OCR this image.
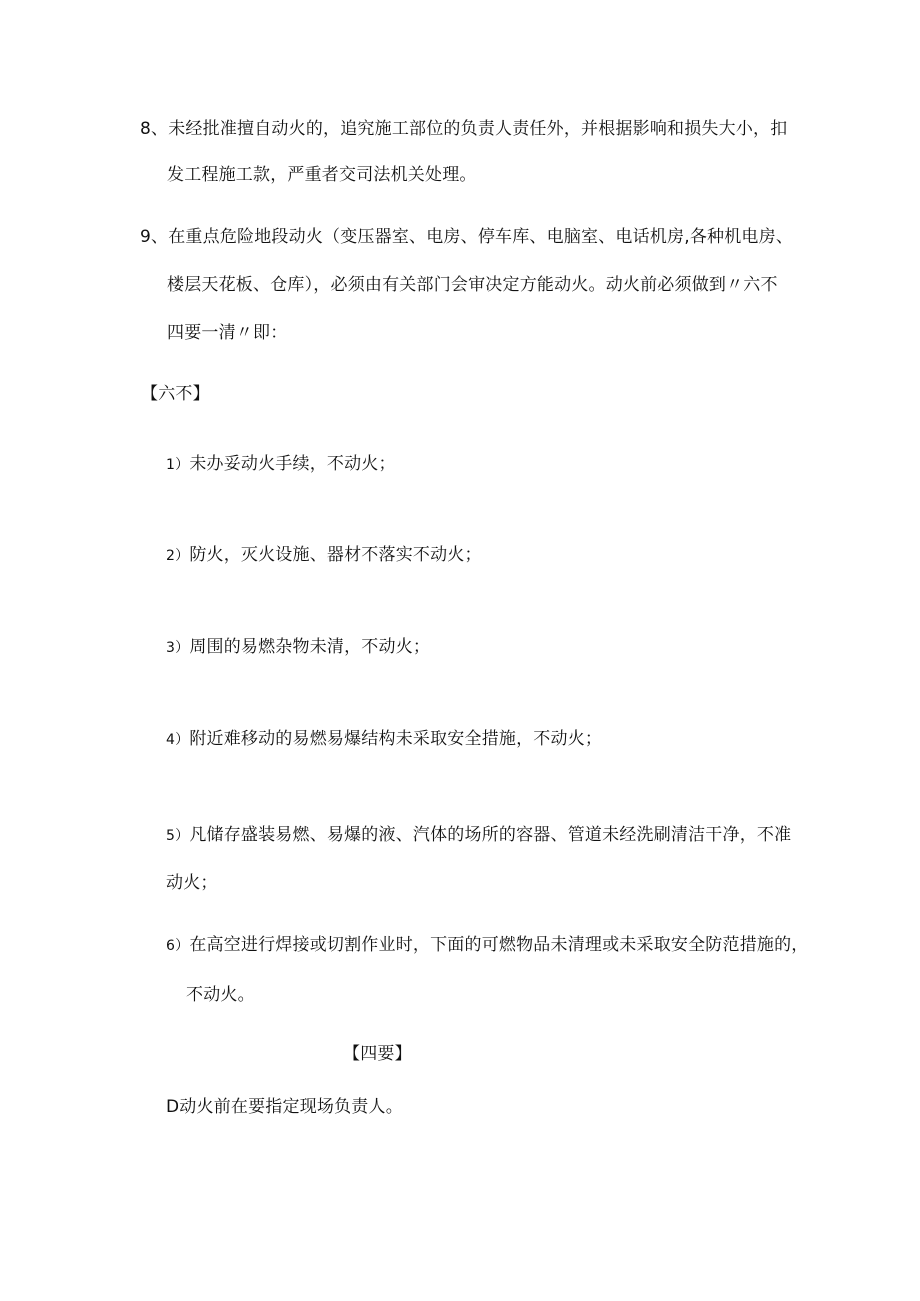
8、未经批准擅自动火的，追究施工部位的负责人责任外，并根据影响和损失大小，扣
发工程施工款，严重者交司法机关处理。
9、在重点危险地段动火（变压器室、电房、停车库、电脑室、电话机房,各种机电房、
楼层天花板、仓库），必须由有关部门会审决定方能动火。动火前必须做到〃六不
四要一清〃即：
【六不】
1）未办妥动火手续，不动火；
2）防火，灭火设施、器材不落实不动火；
3）周围的易燃杂物未清，不动火；
4）附近难移动的易燃易爆结构未采取安全措施，不动火；
5）凡储存盛装易燃、易爆的液、汽体的场所的容器、管道未经洗刷清洁干净，不准
动火；
6）在高空进行焊接或切割作业时，下面的可燃物品未清理或未采取安全防范措施的，
不动火。
【四要】
D动火前在要指定现场负责人。
